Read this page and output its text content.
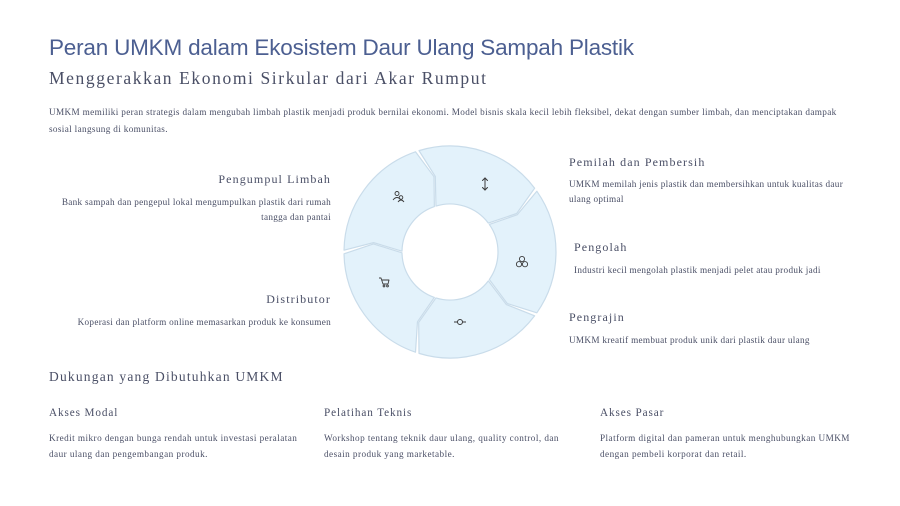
Peran UMKM dalam Ekosistem Daur Ulang Sampah Plastik
Menggerakkan Ekonomi Sirkular dari Akar Rumput

UMKM memiliki peran strategis dalam mengubah limbah plastik menjadi produk bernilai ekonomi. Model bisnis skala kecil lebih fleksibel, dekat dengan sumber limbah, dan menciptakan dampak sosial langsung di komunitas.

Pemilah dan Pembersih

UMKM memilah jenis plastik dan membersihkan untuk kualitas daur ulang optimal

Pengolah

Industri kecil mengolah plastik menjadi pelet atau produk jadi

Pengrajin

UMKM kreatif membuat produk unik dari plastik daur ulang

Distributor

Koperasi dan platform online memasarkan produk ke konsumen

Pengumpul Limbah

Bank sampah dan pengepul lokal mengumpulkan plastik dari rumah tangga dan pantai

Dukungan yang Dibutuhkan UMKM
Akses Modal

Kredit mikro dengan bunga rendah untuk investasi peralatan daur ulang dan pengembangan produk.

Pelatihan Teknis

Workshop tentang teknik daur ulang, quality control, dan desain produk yang marketable.

Akses Pasar

Platform digital dan pameran untuk menghubungkan UMKM dengan pembeli korporat dan retail.
